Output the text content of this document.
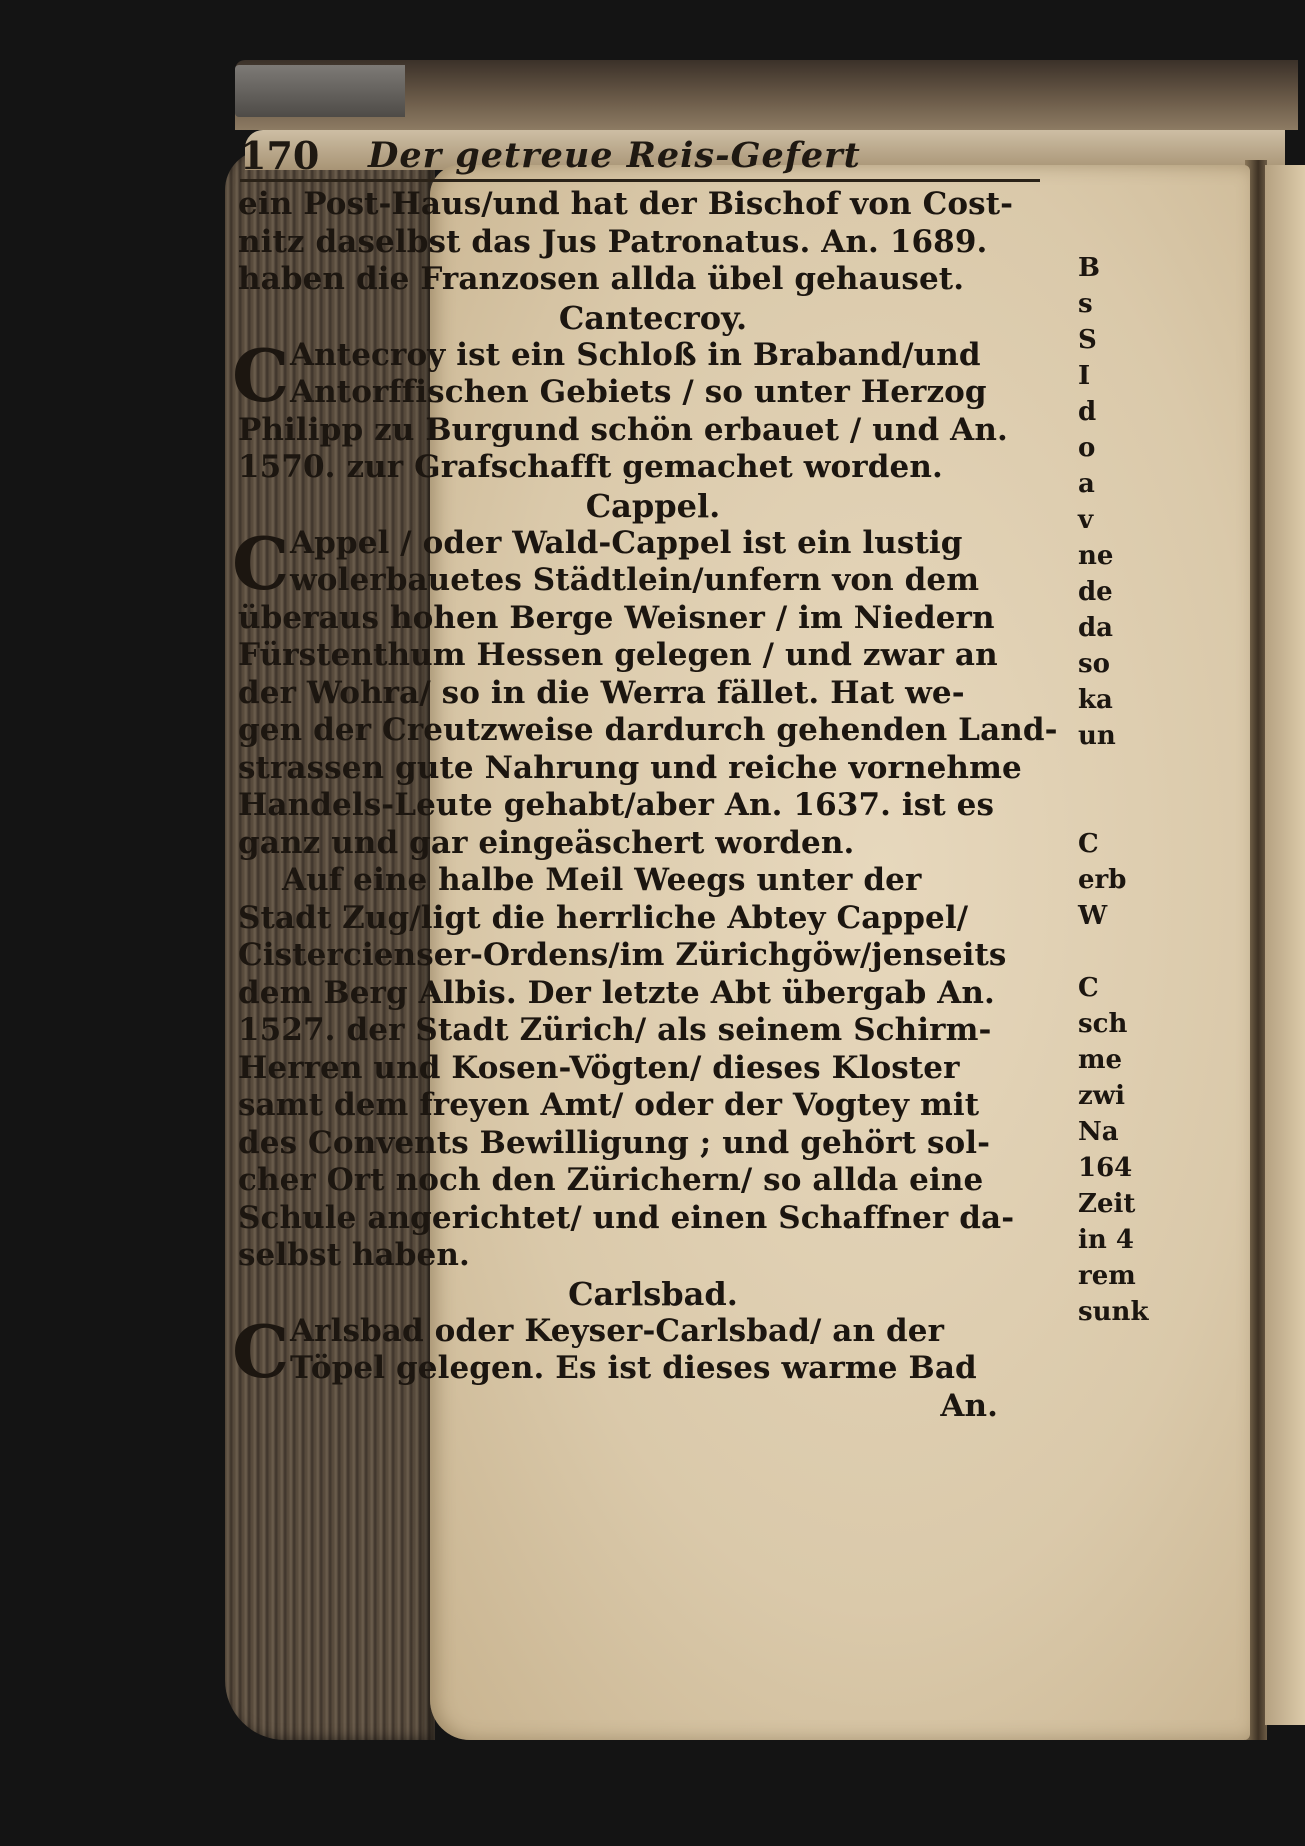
170 Der getreue Reis-Gefert
ein Post-Haus/und hat der Bischof von Cost-
nitz daselbst das Jus Patronatus. An. 1689.
haben die Franzosen allda übel gehauset.
Cantecroy.
C Antecroy ist ein Schloß in Braband/und
Antorffischen Gebiets / so unter Herzog
Philipp zu Burgund schön erbauet / und An.
1570. zur Grafschafft gemachet worden.
Cappel.
C Appel / oder Wald-Cappel ist ein lustig
wolerbauetes Städtlein/unfern von dem
überaus hohen Berge Weisner / im Niedern
Fürstenthum Hessen gelegen / und zwar an
der Wohra/ so in die Werra fället. Hat we-
gen der Creutzweise dardurch gehenden Land-
strassen gute Nahrung und reiche vornehme
Handels-Leute gehabt/aber An. 1637. ist es
ganz und gar eingeäschert worden.
Auf eine halbe Meil Weegs unter der
Stadt Zug/ligt die herrliche Abtey Cappel/
Cistercienser-Ordens/im Zürichgöw/jenseits
dem Berg Albis. Der letzte Abt übergab An.
1527. der Stadt Zürich/ als seinem Schirm-
Herren und Kosen-Vögten/ dieses Kloster
samt dem freyen Amt/ oder der Vogtey mit
des Convents Bewilligung ; und gehört sol-
cher Ort noch den Zürichern/ so allda eine
Schule angerichtet/ und einen Schaffner da-
selbst haben.
Carlsbad.
C Arlsbad oder Keyser-Carlsbad/ an der
Töpel gelegen. Es ist dieses warme Bad
An.
B
s
S
I
d
o
a
v
ne
de
da
so
ka
un
C
erb
W
C
sch
me
zwi
Na
164
Zeit
in 4
rem
sunk
